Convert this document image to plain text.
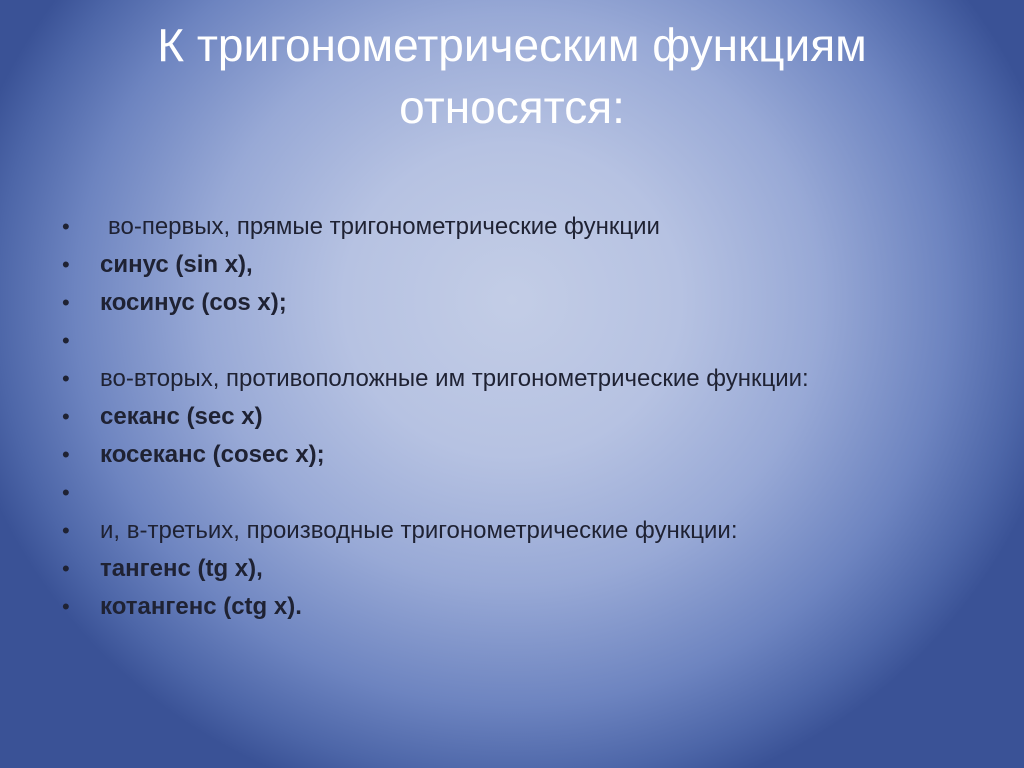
К тригонометрическим функциям
относятся:
•	во-первых, прямые тригонометрические функции
•	синус (sin x),
•	косинус (cos x);
•
•	во-вторых, противоположные им тригонометрические функции:
•	секанс (sec x)
•	косеканс (cosec x);
•
•	и, в-третьих, производные тригонометрические функции:
•	тангенс (tg x),
•	котангенс (ctg x).
